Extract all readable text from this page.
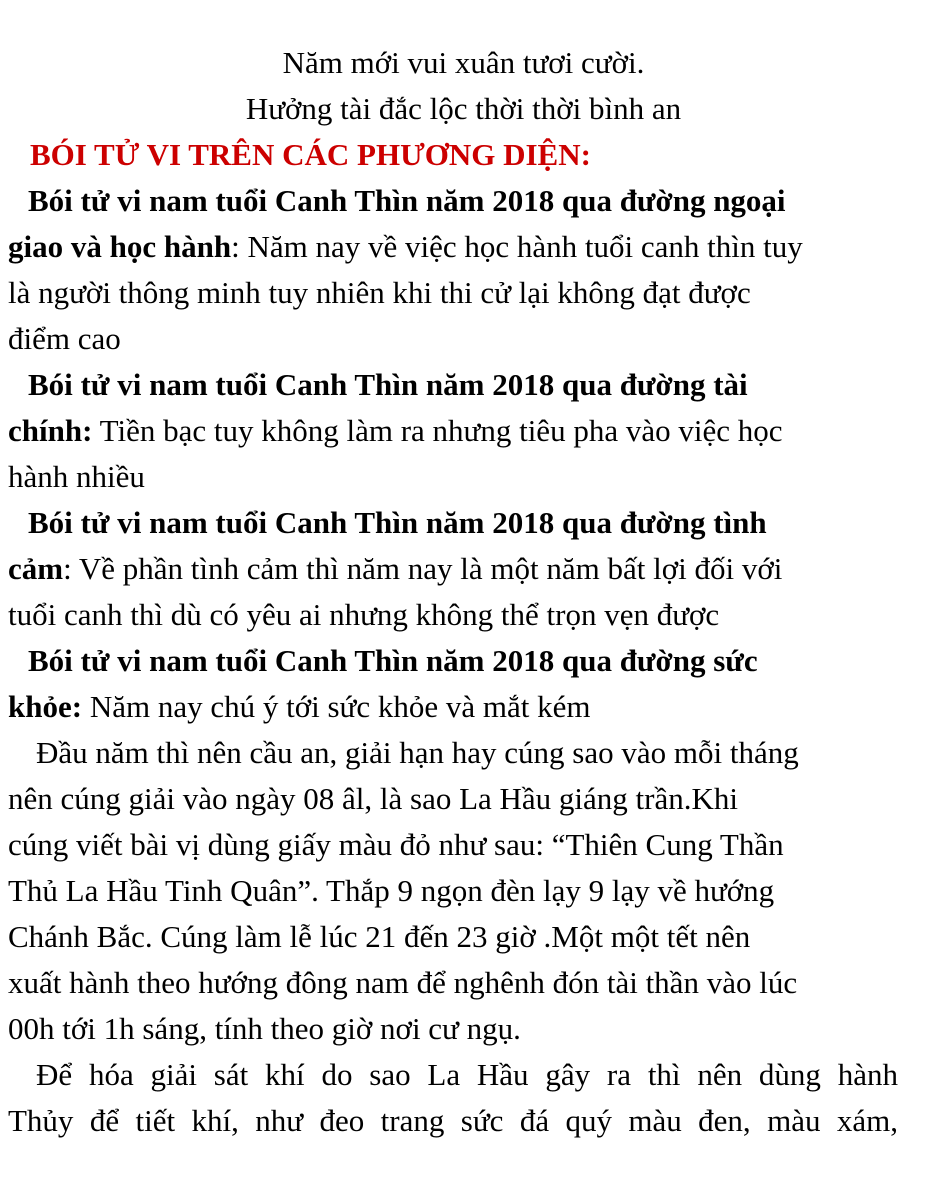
Năm mới vui xuân tươi cười.
Hưởng tài đắc lộc thời thời bình an
BÓI TỬ VI TRÊN CÁC PHƯƠNG DIỆN:
Bói tử vi nam tuổi Canh Thìn năm 2018 qua đường ngoại
giao và học hành: Năm nay về việc học hành tuổi canh thìn tuy
là người thông minh tuy nhiên khi thi cử lại không đạt được
điểm cao
Bói tử vi nam tuổi Canh Thìn năm 2018 qua đường tài
chính: Tiền bạc tuy không làm ra nhưng tiêu pha vào việc học
hành nhiều
Bói tử vi nam tuổi Canh Thìn năm 2018 qua đường tình
cảm: Về phần tình cảm thì năm nay là một năm bất lợi đối với
tuổi canh thì dù có yêu ai nhưng không thể trọn vẹn được
Bói tử vi nam tuổi Canh Thìn năm 2018 qua đường sức
khỏe: Năm nay chú ý tới sức khỏe và mắt kém
Đầu năm thì nên cầu an, giải hạn hay cúng sao vào mỗi tháng
nên cúng giải vào ngày 08 âl, là sao La Hầu giáng trần.Khi
cúng viết bài vị dùng giấy màu đỏ như sau: “Thiên Cung Thần
Thủ La Hầu Tinh Quân”. Thắp 9 ngọn đèn lạy 9 lạy về hướng
Chánh Bắc. Cúng làm lễ lúc 21 đến 23 giờ .Một một tết nên
xuất hành theo hướng đông nam để nghênh đón tài thần vào lúc
00h tới 1h sáng, tính theo giờ nơi cư ngụ.
Để hóa giải sát khí do sao La Hầu gây ra thì nên dùng hành
Thủy để tiết khí, như đeo trang sức đá quý màu đen, màu xám,
